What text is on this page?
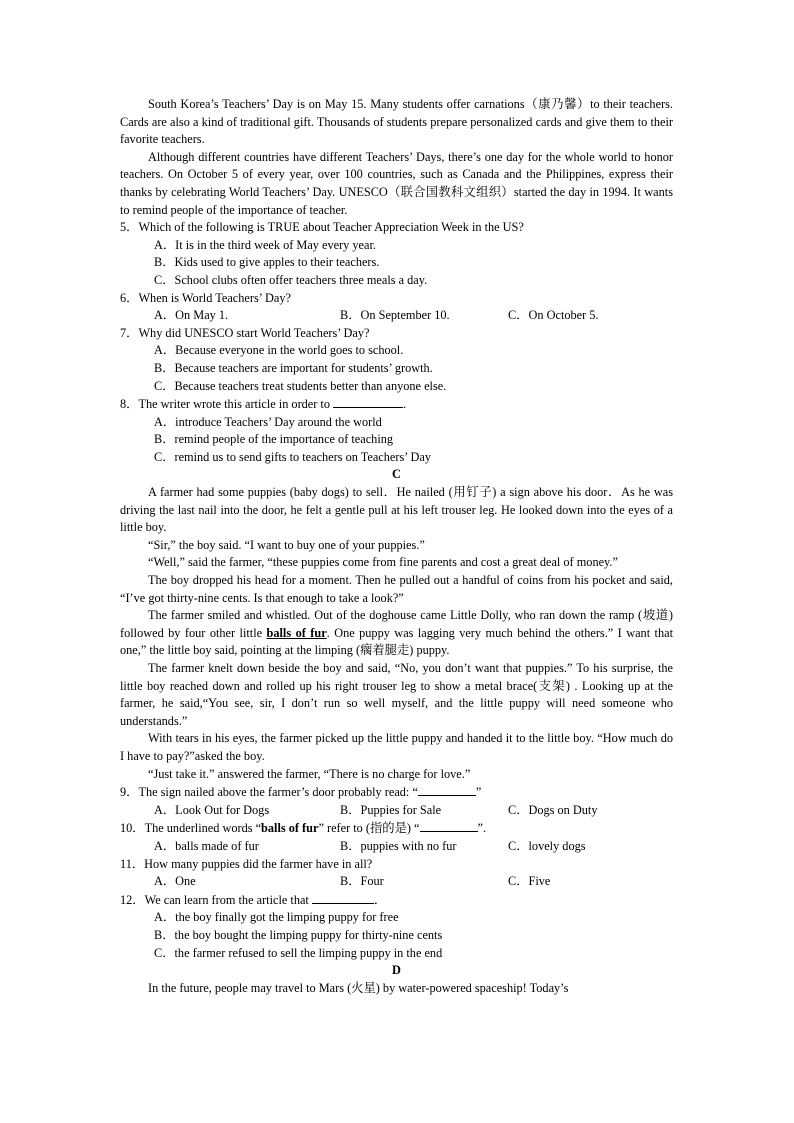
South Korea’s Teachers’ Day is on May 15. Many students offer carnations（康乃馨）to their teachers. Cards are also a kind of traditional gift. Thousands of students prepare personalized cards and give them to their favorite teachers.

Although different countries have different Teachers’ Days, there’s one day for the whole world to honor teachers. On October 5 of every year, over 100 countries, such as Canada and the Philippines, express their thanks by celebrating World Teachers’ Day. UNESCO（联合国教科文组织）started the day in 1994. It wants to remind people of the importance of teacher.

5．Which of the following is TRUE about Teacher Appreciation Week in the US?

A．It is in the third week of May every year.

B．Kids used to give apples to their teachers.

C．School clubs often offer teachers three meals a day.

6．When is World Teachers’ Day?

A．On May 1.	B．On September 10.	C．On October 5.

7．Why did UNESCO start World Teachers’ Day?

A．Because everyone in the world goes to school.

B．Because teachers are important for students’ growth.

C．Because teachers treat students better than anyone else.

8．The writer wrote this article in order to	.

A．introduce Teachers’ Day around the world

B．remind people of the importance of teaching

C．remind us to send gifts to teachers on Teachers’ Day

C

A farmer had some puppies (baby dogs) to sell．He nailed (用钉子) a sign above his door．As he was driving the last nail into the door, he felt a gentle pull at his left trouser leg. He looked down into the eyes of a little boy.

“Sir,” the boy said. “I want to buy one of your puppies.”

“Well,” said the farmer, “these puppies come from fine parents and cost a great deal of money.”

The boy dropped his head for a moment. Then he pulled out a handful of coins from his pocket and said, “I’ve got thirty-nine cents. Is that enough to take a look?”

The farmer smiled and whistled. Out of the doghouse came Little Dolly, who ran down the ramp (坡道) followed by four other little balls of fur. One puppy was lagging very much behind the others.” I want that one,” the little boy said, pointing at the limping (瘸着腿走) puppy.

The farmer knelt down beside the boy and said, “No, you don’t want that puppies.” To his surprise, the little boy reached down and rolled up his right trouser leg to show a metal brace(支架) . Looking up at the farmer, he said,“You see, sir, I don’t run so well myself, and the little puppy will need someone who understands.”

With tears in his eyes, the farmer picked up the little puppy and handed it to the little boy. “How much do I have to pay?”asked the boy.

“Just take it.” answered the farmer, “There is no charge for love.”

9．The sign nailed above the farmer’s door probably read: “	”

A．Look Out for Dogs	B．Puppies for Sale	C．Dogs on Duty

10．The underlined words “balls of fur” refer to (指的是) “	”.

A．balls made of fur	B．puppies with no fur	C．lovely dogs

11．How many puppies did the farmer have in all?

A．One	B．Four	C．Five

12．We can learn from the article that	．

A．the boy finally got the limping puppy for free

B．the boy bought the limping puppy for thirty-nine cents

C．the farmer refused to sell the limping puppy in the end

D

In the future, people may travel to Mars (火星) by water-powered spaceship! Today’s
